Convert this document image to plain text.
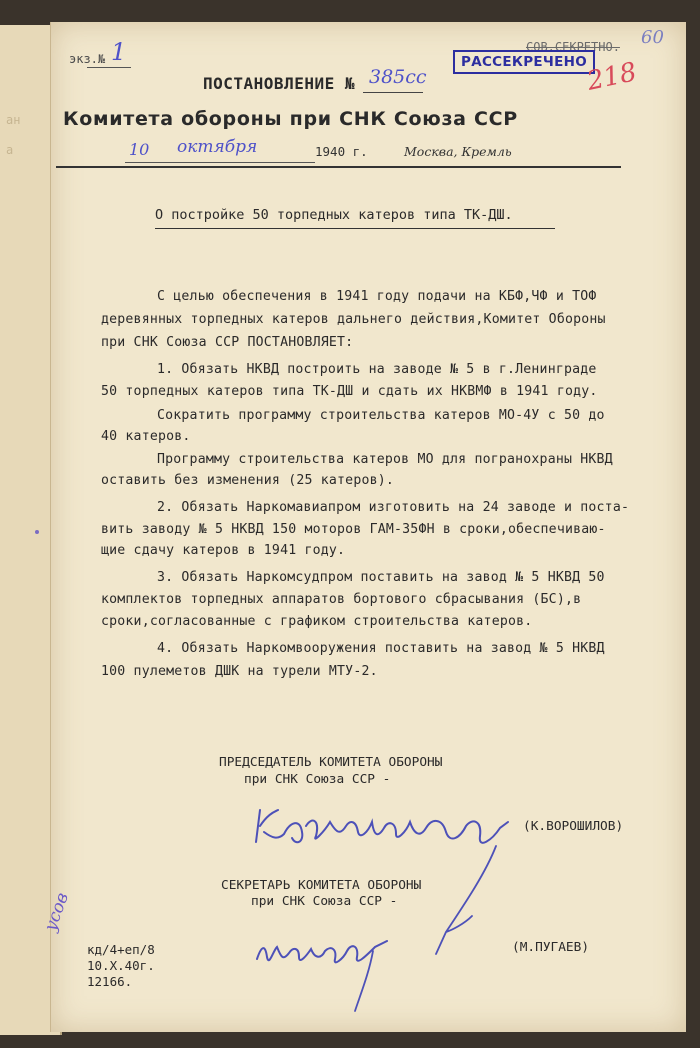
ан
а
экз.№ 1	СОВ.СЕКРЕТНО. 60
РАССЕКРЕЧЕНО
218
ПОСТАНОВЛЕНИЕ № 385сс
Комитета обороны при СНК Союза ССР
10 октября	1940 г.	Москва, Кремль
О постройке 50 торпедных катеров типа ТК-ДШ.
С целью обеспечения в 1941 году подачи на КБФ,ЧФ и ТОФ
деревянных торпедных катеров дальнего действия,Комитет Обороны
при СНК Союза ССР ПОСТАНОВЛЯЕТ:
1. Обязать НКВД построить на заводе № 5 в г.Ленинграде
50 торпедных катеров типа ТК-ДШ и сдать их НКВМФ в 1941 году.
Сократить программу строительства катеров МО-4У с 50 до
40 катеров.
Программу строительства катеров МО для погранохраны НКВД
оставить без изменения (25 катеров).
2. Обязать Наркомавиапром изготовить на 24 заводе и поста-
вить заводу № 5 НКВД 150 моторов ГАМ-35ФН в сроки,обеспечиваю-
щие сдачу катеров в 1941 году.
3. Обязать Наркомсудпром поставить на завод № 5 НКВД 50
комплектов торпедных аппаратов бортового сбрасывания (БС),в
сроки,согласованные с графиком строительства катеров.
4. Обязать Наркомвооружения поставить на завод № 5 НКВД
100 пулеметов ДШК на турели МТУ-2.
ПРЕДСЕДАТЕЛЬ КОМИТЕТА ОБОРОНЫ
при СНК Союза ССР -
(К.ВОРОШИЛОВ)
СЕКРЕТАРЬ КОМИТЕТА ОБОРОНЫ
при СНК Союза ССР -
(М.ПУГАЕВ)
кд/4+еп/8
10.X.40г.
12166.
усов
